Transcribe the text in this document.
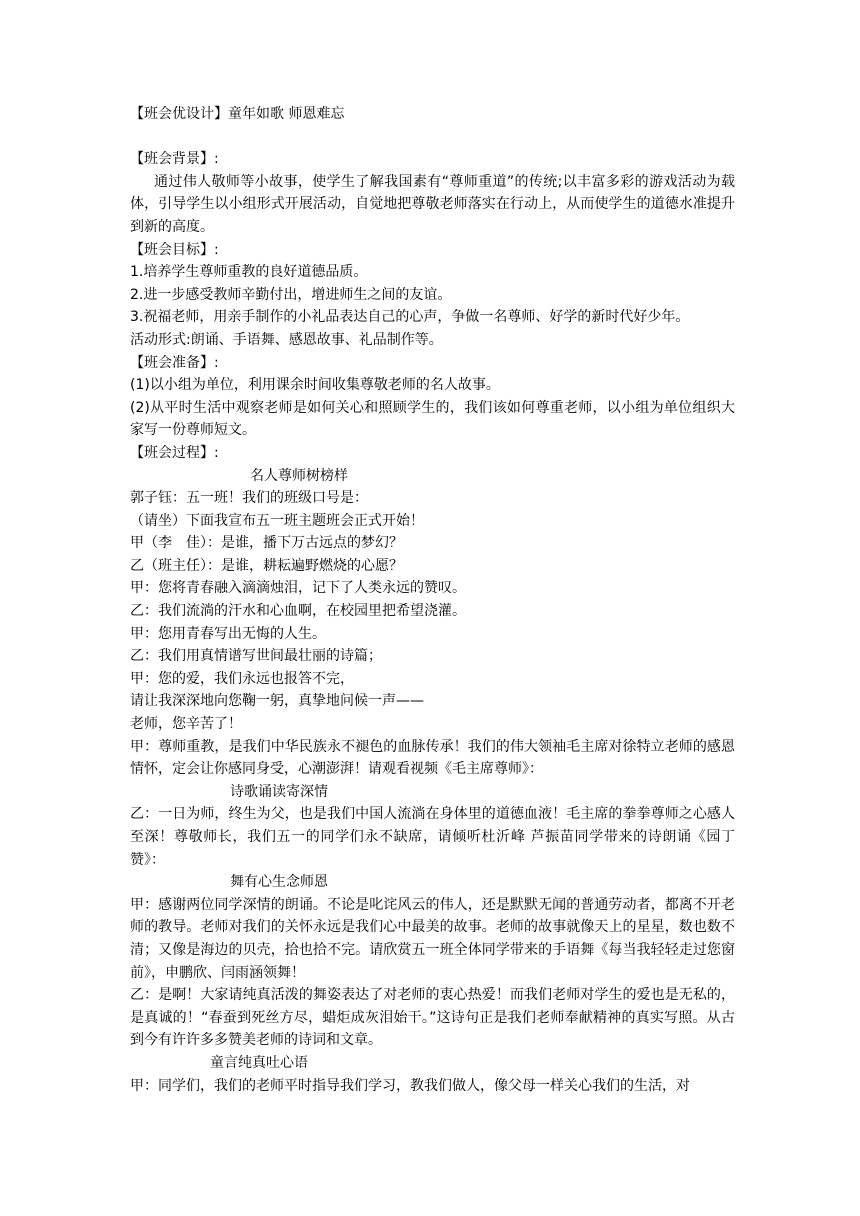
【班会优设计】童年如歌 师恩难忘

【班会背景】:

通过伟人敬师等小故事，使学生了解我国素有“尊师重道”的传统;以丰富多彩的游戏活动为载体，引导学生以小组形式开展活动，自觉地把尊敬老师落实在行动上，从而使学生的道德水准提升到新的高度。

【班会目标】:

1.培养学生尊师重教的良好道德品质。

2.进一步感受教师辛勤付出，增进师生之间的友谊。

3.祝福老师，用亲手制作的小礼品表达自己的心声，争做一名尊师、好学的新时代好少年。

活动形式:朗诵、手语舞、感恩故事、礼品制作等。

【班会准备】:

(1)以小组为单位，利用课余时间收集尊敬老师的名人故事。

(2)从平时生活中观察老师是如何关心和照顾学生的，我们该如何尊重老师，以小组为单位组织大家写一份尊师短文。

【班会过程】:

名人尊师树榜样

郭子钰：五一班！我们的班级口号是：

（请坐）下面我宣布五一班主题班会正式开始！

甲（李　佳）：是谁，播下万古远点的梦幻？

乙（班主任）：是谁，耕耘遍野燃烧的心愿？

甲：您将青春融入滴滴烛泪，记下了人类永远的赞叹。

乙：我们流淌的汗水和心血啊，在校园里把希望浇灌。

甲：您用青春写出无悔的人生。

乙：我们用真情谱写世间最壮丽的诗篇；

甲：您的爱，我们永远也报答不完，

请让我深深地向您鞠一躬，真挚地问候一声——

老师，您辛苦了！

甲：尊师重教，是我们中华民族永不褪色的血脉传承！我们的伟大领袖毛主席对徐特立老师的感恩情怀，定会让你感同身受，心潮澎湃！请观看视频《毛主席尊师》：

诗歌诵读寄深情

乙：一日为师，终生为父，也是我们中国人流淌在身体里的道德血液！毛主席的拳拳尊师之心感人至深！尊敬师长，我们五一的同学们永不缺席，请倾听杜沂峰 芦振苗同学带来的诗朗诵《园丁赞》：

舞有心生念师恩

甲：感谢两位同学深情的朗诵。不论是叱诧风云的伟人，还是默默无闻的普通劳动者，都离不开老师的教导。老师对我们的关怀永远是我们心中最美的故事。老师的故事就像天上的星星，数也数不清；又像是海边的贝壳，拾也拾不完。请欣赏五一班全体同学带来的手语舞《每当我轻轻走过您窗前》，申鹏欣、闫雨涵领舞！

乙：是啊！大家请纯真活泼的舞姿表达了对老师的衷心热爱！而我们老师对学生的爱也是无私的，是真诚的！“春蚕到死丝方尽，蜡炬成灰泪始干。”这诗句正是我们老师奉献精神的真实写照。从古到今有许许多多赞美老师的诗词和文章。

童言纯真吐心语

甲：同学们，我们的老师平时指导我们学习，教我们做人，像父母一样关心我们的生活，对
